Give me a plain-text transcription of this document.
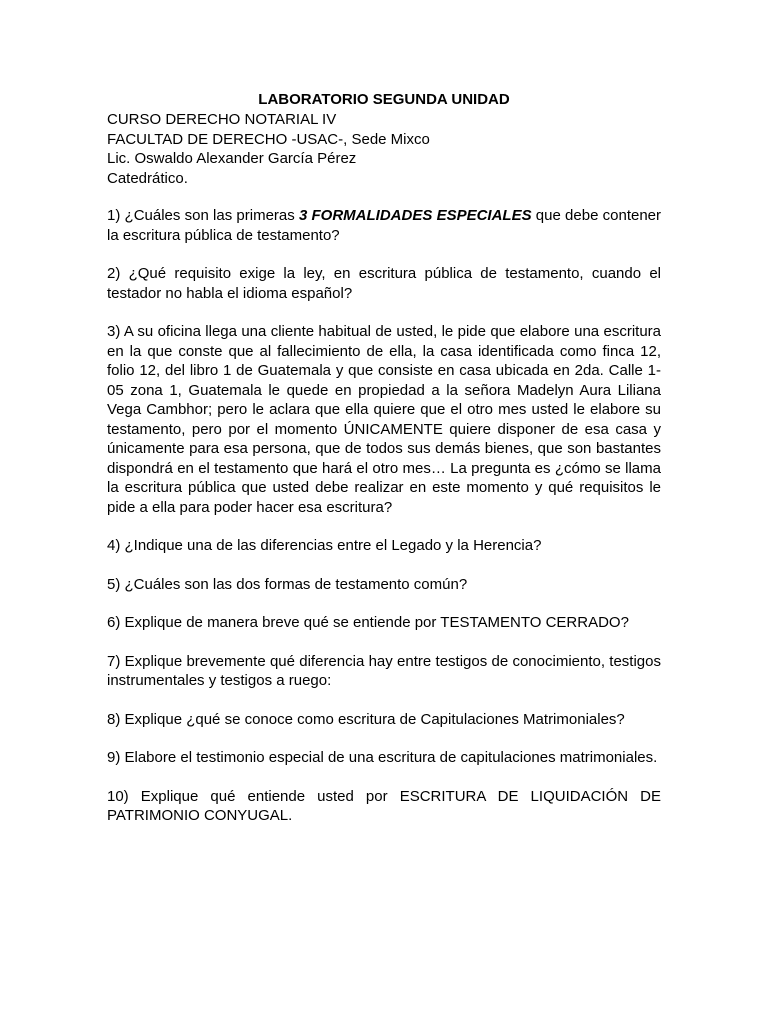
LABORATORIO SEGUNDA UNIDAD

CURSO DERECHO NOTARIAL IV

FACULTAD DE DERECHO -USAC-, Sede Mixco

Lic. Oswaldo Alexander García Pérez

Catedrático.

1) ¿Cuáles son las primeras 3 FORMALIDADES ESPECIALES que debe contener la escritura pública de testamento?

2) ¿Qué requisito exige la ley, en escritura pública de testamento, cuando el testador no habla el idioma español?

3) A su oficina llega una cliente habitual de usted, le pide que elabore una escritura en la que conste que al fallecimiento de ella, la casa identificada como finca 12, folio 12, del libro 1 de Guatemala y que consiste en casa ubicada en 2da. Calle 1-05 zona 1, Guatemala le quede en propiedad a la señora Madelyn Aura Liliana Vega Cambhor; pero le aclara que ella quiere que el otro mes usted le elabore su testamento, pero por el momento ÚNICAMENTE quiere disponer de esa casa y únicamente para esa persona, que de todos sus demás bienes, que son bastantes dispondrá en el testamento que hará el otro mes… La pregunta es ¿cómo se llama la escritura pública que usted debe realizar en este momento y qué requisitos le pide a ella para poder hacer esa escritura?

4) ¿Indique una de las diferencias entre el Legado y la Herencia?

5) ¿Cuáles son las dos formas de testamento común?

6) Explique de manera breve qué se entiende por TESTAMENTO CERRADO?

7) Explique brevemente qué diferencia hay entre testigos de conocimiento, testigos instrumentales y testigos a ruego:

8) Explique ¿qué se conoce como escritura de Capitulaciones Matrimoniales?

9) Elabore el testimonio especial de una escritura de capitulaciones matrimoniales.

10) Explique qué entiende usted por ESCRITURA DE LIQUIDACIÓN DE PATRIMONIO CONYUGAL.
